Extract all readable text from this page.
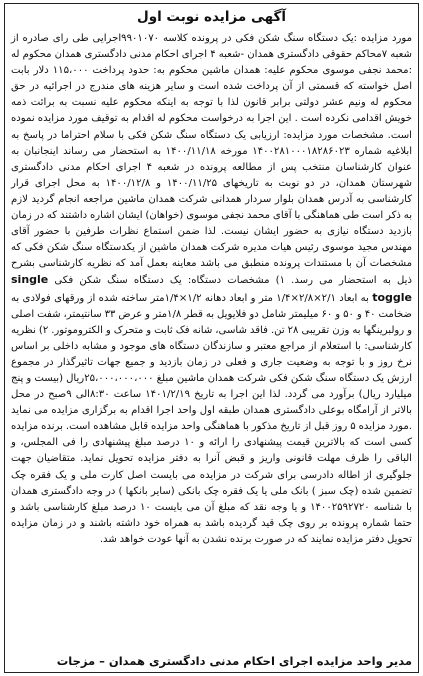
آگهی مزایده نوبت اول

مورد مزایده :یک دستگاه سنگ شکن فکی در پرونده کلاسه ۹۹۰۱۰۷۰اجرایی طی رای صادره از شعبه ۷محاکم حقوقی دادگستری همدان -شعبه ۴ اجرای احکام مدنی دادگستری همدان محکوم له :محمد نجفی موسوی محکوم علیه: همدان ماشین محکوم به: حدود پرداخت ۱۱۵،۰۰۰ دلار بابت اصل خواسته که قسمتی از آن پرداخت شده است و سایر هزینه های مندرج در اجرائیه در حق محکوم له ونیم عشر دولتی برابر قانون لذا با توجه به اینکه محکوم علیه نسبت به برائت ذمه خویش اقدامی نکرده است . این اجرا به درخواست محکوم له اقدام به توقیف مورد مزایده نموده است. مشخصات مورد مزایده: ارزیابی یک دستگاه سنگ شکن فکی با سلام احتراما در پاسخ به ابلاغیه شماره ۱۴۰۰۲۸۱۰۰۰۱۸۲۸۶۰۲۳ مورخه ۱۴۰۰/۱۱/۱۸ به استحضار می رساند اینجانبان به عنوان کارشناسان منتخب پس از مطالعه پرونده در شعبه ۴ اجرای احکام مدنی دادگستری شهرستان همدان، در دو نوبت به تاریخهای ۱۴۰۰/۱۱/۲۵ و ۱۴۰۰/۱۲/۸ به محل اجرای قرار کارشناسی به آدرس همدان بلوار سردار همدانی شرکت همدان ماشین مراجعه انجام گردید لازم به ذکر است طی هماهنگی با آقای محمد نجفی موسوی (خواهان) ایشان اشاره داشتند که در زمان بازدید دستگاه نیازی به حضور ایشان نیست. لذا ضمن استماع نظرات طرفین با حضور آقای مهندس مجید موسوی رئیس هیات مدیره شرکت همدان ماشین از یکدستگاه سنگ شکن فکی که مشخصات آن با مستندات پرونده منطبق می باشد معاینه بعمل آمد که نظریه کارشناسی بشرح ذیل به استحضار می رسد. ۱) مشخصات دستگاه: یک دستگاه سنگ شکن فکی single toggle به ابعاد ۲/۱×۲/۸×۱/۴ متر و ابعاد دهانه ۱/۲×۱/۴متر ساخته شده از ورقهای فولادی به ضخامت ۴۰ و ۵۰ و ۶۰ میلیمتر شامل دو فلایویل به قطر ۱/۸متر و عرض ۳۳ سانتیمتر، شفت اصلی و رولبرینگها به وزن تقریبی ۲۸ تن. فاقد شاسی، شانه فک ثابت و متحرک و الکتروموتور. ۲) نظریه کارشناسی: با استعلام از مراجع معتبر و سازندگان دستگاه های موجود و مشابه داخلی بر اساس نرخ روز و با توجه به وضعیت جاری و فعلی در زمان بازدید و جمیع جهات تاثیرگذار در مجموع ارزش یک دستگاه سنگ شکن فکی شرکت همدان ماشین مبلغ ۲۵،۰۰۰،۰۰۰،۰۰۰ریال (بیست و پنج میلیارد ریال) برآورد می گردد. لذا این اجرا به تاریخ ۱۴۰۱/۲/۱۹ ساعت ۸:۳۰الی ۹صبح در محل بالاتر از آرامگاه بوعلی دادگستری همدان طبقه اول واحد اجرا اقدام به برگزاری مزایده می نماید .مورد مزایده ۵ روز قبل از تاریخ مذکور با هماهنگی واحد مزایده قابل مشاهده است. برنده مزایده کسی است که بالاترین قیمت پیشنهادی را ارائه و ۱۰ درصد مبلغ پیشنهادی را فی المجلس، و الباقی را ظرف مهلت قانونی واریز و قبض آنرا به دفتر مزایده تحویل نماید. متقاضیان جهت جلوگیری از اطاله دادرسی برای شرکت در مزایده می بایست اصل کارت ملی و یک فقره چک تضمین شده (چک سبز ) بانک ملی یا یک فقره چک بانکی (سایر بانکها ) در وجه دادگستری همدان با شناسه ۱۴۰۰۲۵۹۲۷۲۰ و یا وجه نقد که مبلغ آن می بایست ۱۰ درصد مبلغ کارشناسی باشد و حتما شماره پرونده بر روی چک قید گردیده باشد به همراه خود داشته باشند و در زمان مزایده تحویل دفتر مزایده نمایند که در صورت برنده نشدن به آنها عودت خواهد شد.

مدیر واحد مزایده اجرای احکام مدنی دادگستری همدان – مزجات
